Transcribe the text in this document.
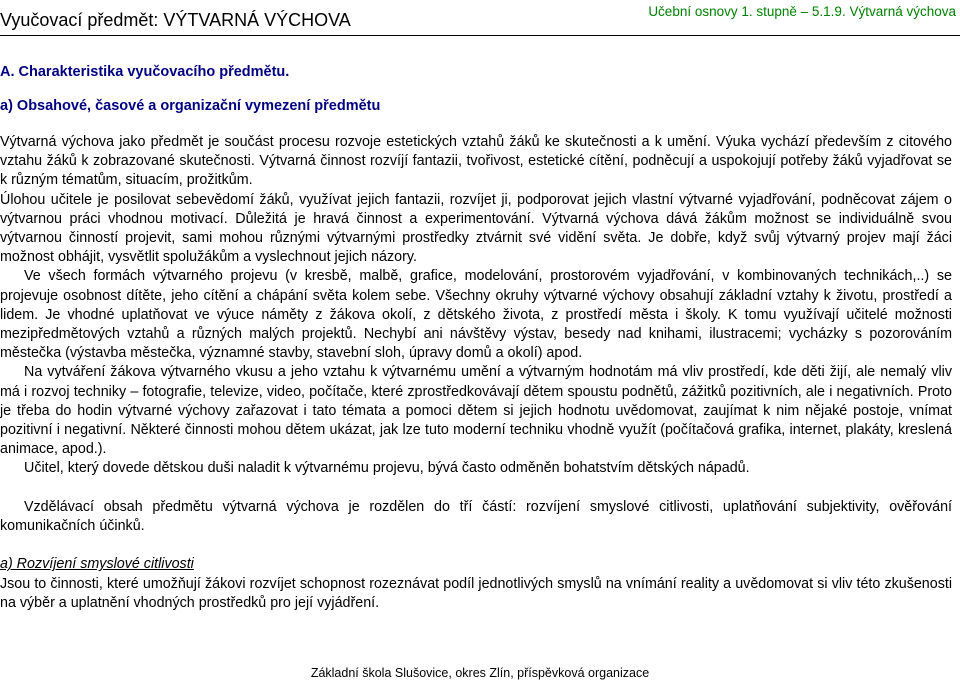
Vyučovací předmět: VÝTVARNÁ VÝCHOVA	Učební osnovy 1. stupně – 5.1.9. Výtvarná výchova
A. Charakteristika vyučovacího předmětu.
a) Obsahové, časové a organizační vymezení předmětu

Výtvarná výchova jako předmět je součást procesu rozvoje estetických vztahů žáků ke skutečnosti a k umění. Výuka vychází především z citového vztahu žáků k zobrazované skutečnosti. Výtvarná činnost rozvíjí fantazii, tvořivost, estetické cítění, podněcují a uspokojují potřeby žáků vyjadřovat se k různým tématům, situacím, prožitkům.

Úlohou učitele je posilovat sebevědomí žáků, využívat jejich fantazii, rozvíjet ji, podporovat jejich vlastní výtvarné vyjadřování, podněcovat zájem o výtvarnou práci vhodnou motivací. Důležitá je hravá činnost a experimentování. Výtvarná výchova dává žákům možnost se individuálně svou výtvarnou činností projevit, sami mohou různými výtvarnými prostředky ztvárnit své vidění světa. Je dobře, když svůj výtvarný projev mají žáci možnost obhájit, vysvětlit spolužákům a vyslechnout jejich názory.

Ve všech formách výtvarného projevu (v kresbě, malbě, grafice, modelování, prostorovém vyjadřování, v kombinovaných technikách,..) se projevuje osobnost dítěte, jeho cítění a chápání světa kolem sebe. Všechny okruhy výtvarné výchovy obsahují základní vztahy k životu, prostředí a lidem. Je vhodné uplatňovat ve výuce náměty z žákova okolí, z dětského života, z prostředí města i školy. K tomu využívají učitelé možnosti mezipředmětových vztahů a různých malých projektů. Nechybí ani návštěvy výstav, besedy nad knihami, ilustracemi; vycházky s pozorováním městečka (výstavba městečka, významné stavby, stavební sloh, úpravy domů a okolí) apod.

Na vytváření žákova výtvarného vkusu a jeho vztahu k výtvarnému umění a výtvarným hodnotám má vliv prostředí, kde děti žijí, ale nemalý vliv má i rozvoj techniky – fotografie, televize, video, počítače, které zprostředkovávají dětem spoustu podnětů, zážitků pozitivních, ale i negativních. Proto je třeba do hodin výtvarné výchovy zařazovat i tato témata a pomoci dětem si jejich hodnotu uvědomovat, zaujímat k nim nějaké postoje, vnímat pozitivní i negativní. Některé činnosti mohou dětem ukázat, jak lze tuto moderní techniku vhodně využít (počítačová grafika, internet, plakáty, kreslená animace, apod.).

Učitel, který dovede dětskou duši naladit k výtvarnému projevu, bývá často odměněn bohatstvím dětských nápadů.

Vzdělávací obsah předmětu výtvarná výchova je rozdělen do tří částí: rozvíjení smyslové citlivosti, uplatňování subjektivity, ověřování komunikačních účinků.

a) Rozvíjení smyslové citlivosti

Jsou to činnosti, které umožňují žákovi rozvíjet schopnost rozeznávat podíl jednotlivých smyslů na vnímání reality a uvědomovat si vliv této zkušenosti na výběr a uplatnění vhodných prostředků pro její vyjádření.

Základní škola Slušovice, okres Zlín, příspěvková organizace
